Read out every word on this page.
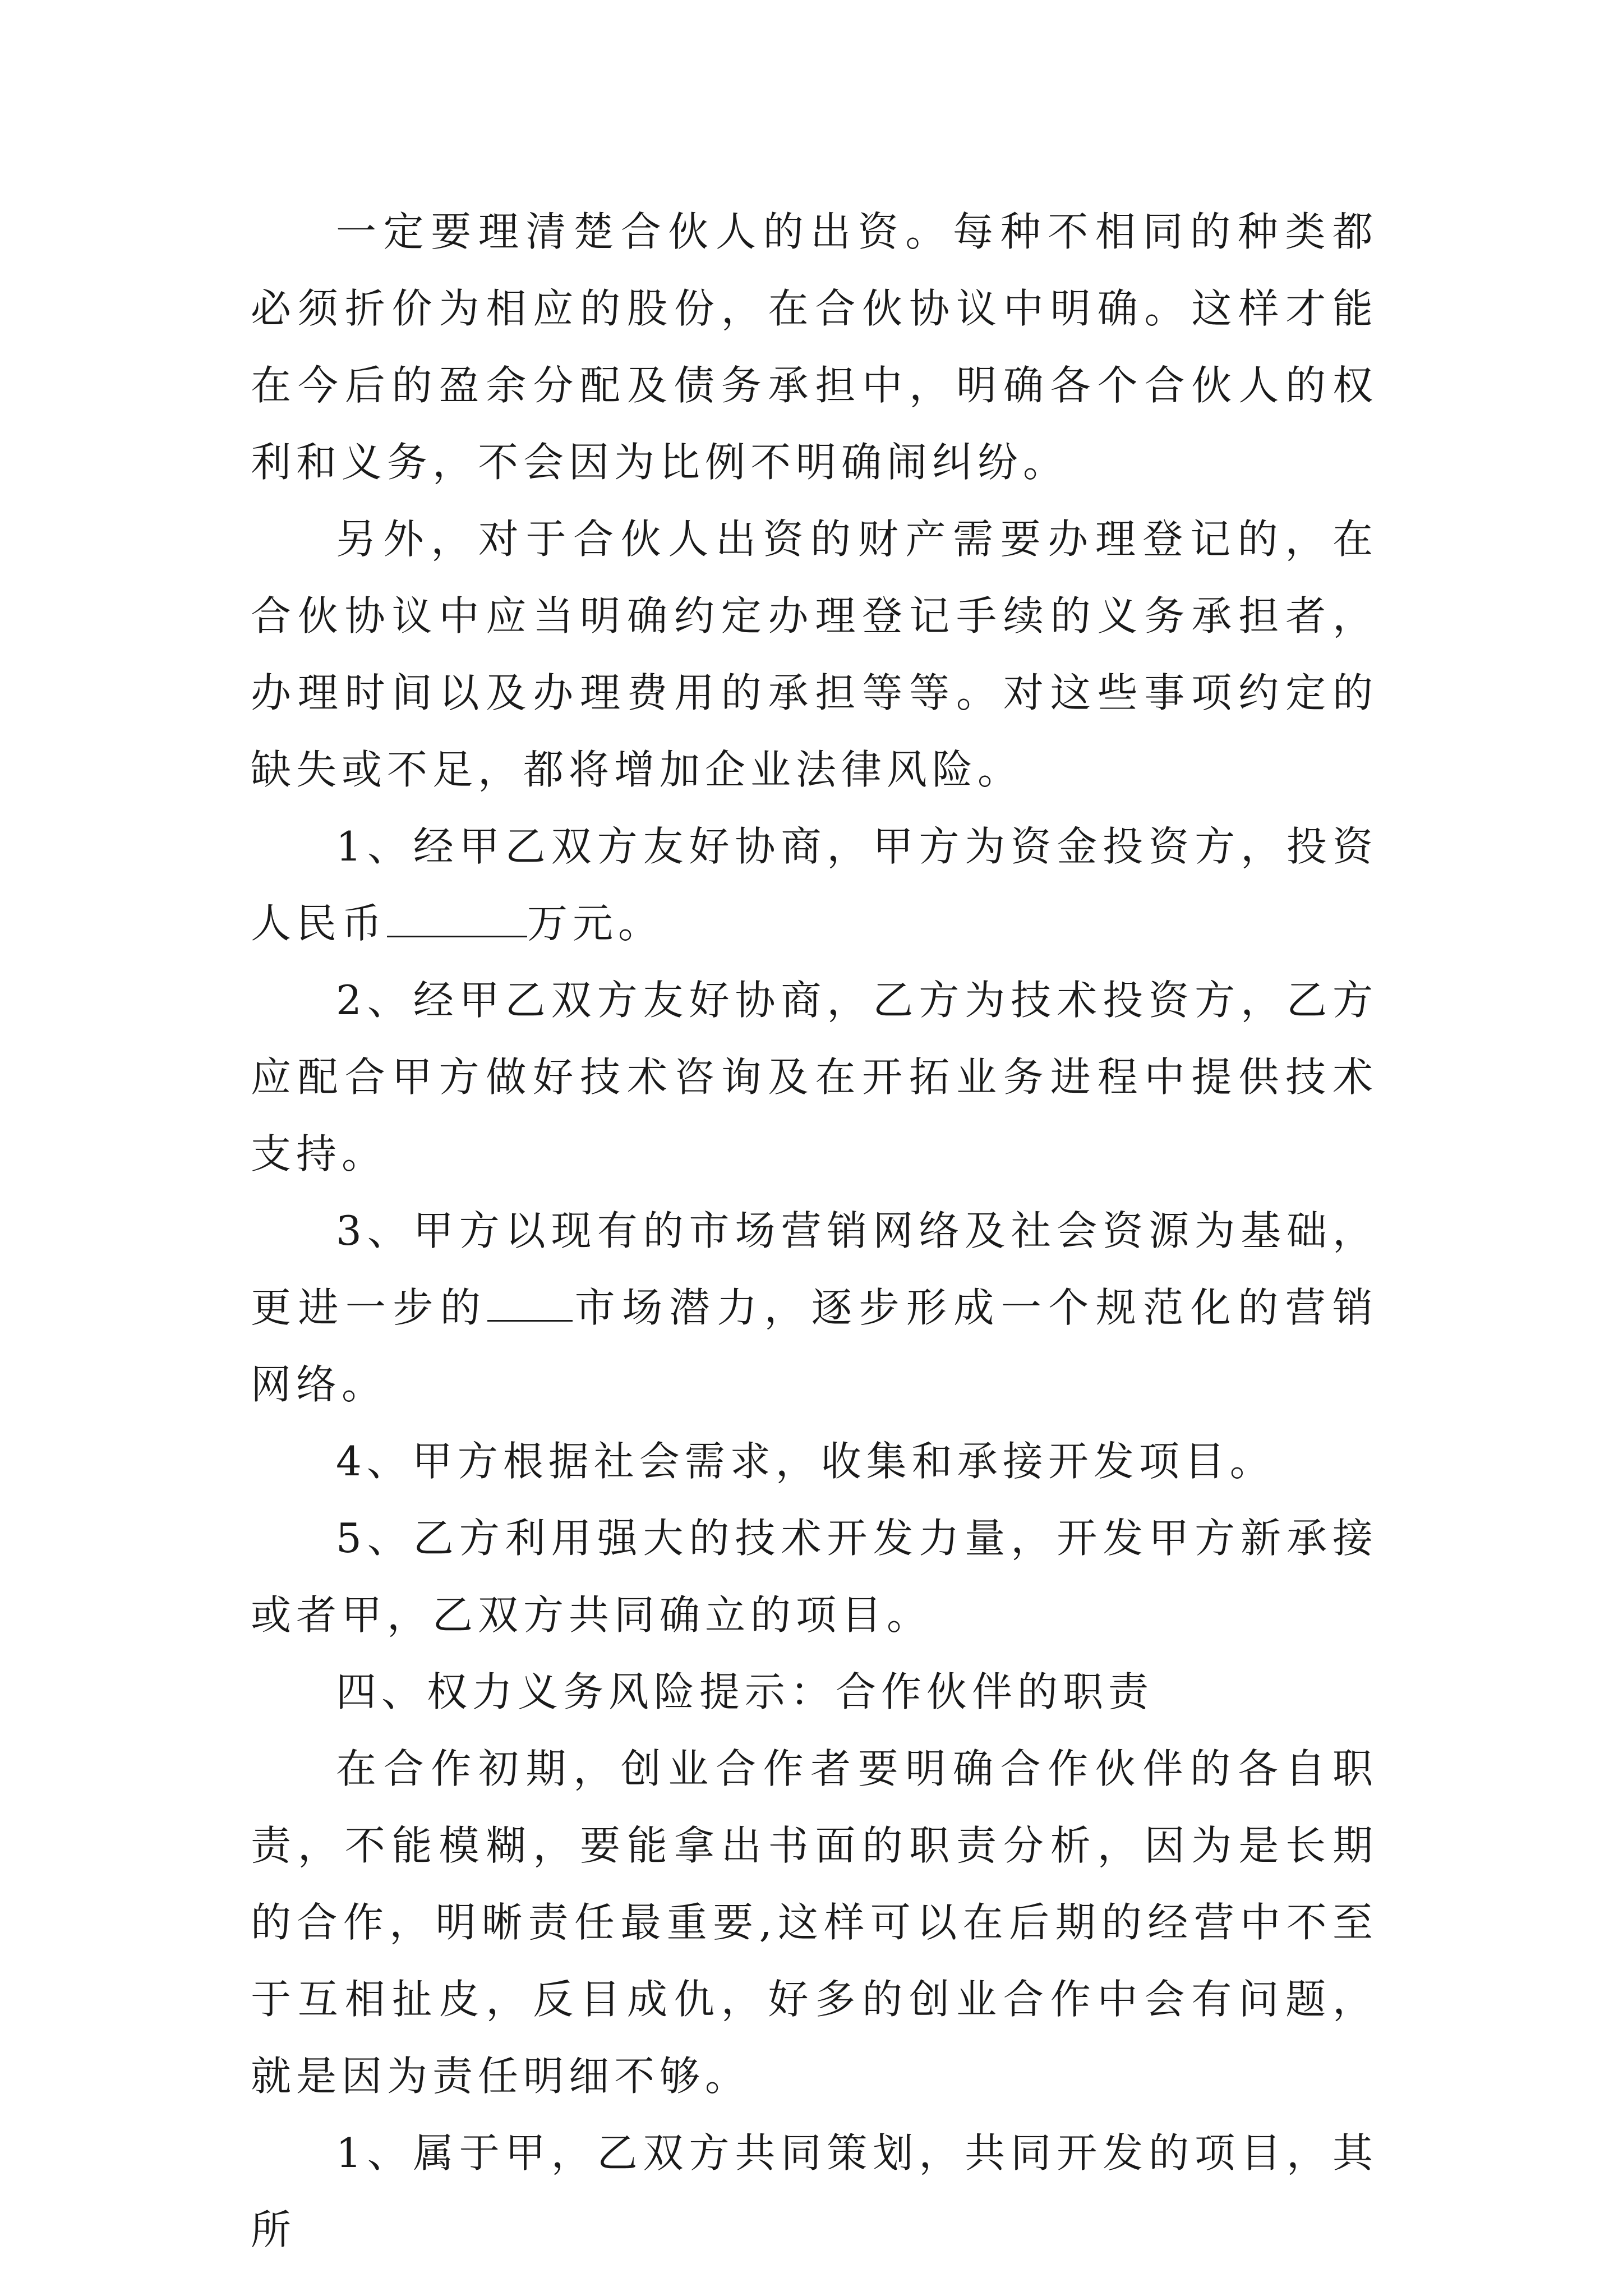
一定要理清楚合伙人的出资。每种不相同的种类都必须折价为相应的股份，在合伙协议中明确。这样才能在今后的盈余分配及债务承担中，明确各个合伙人的权利和义务，不会因为比例不明确闹纠纷。

另外，对于合伙人出资的财产需要办理登记的，在合伙协议中应当明确约定办理登记手续的义务承担者，办理时间以及办理费用的承担等等。对这些事项约定的缺失或不足，都将增加企业法律风险。

1、经甲乙双方友好协商，甲方为资金投资方，投资人民币	万元。

2、经甲乙双方友好协商，乙方为技术投资方，乙方应配合甲方做好技术咨询及在开拓业务进程中提供技术支持。

3、甲方以现有的市场营销网络及社会资源为基础，更进一步的 市场潜力，逐步形成一个规范化的营销网络。

4、甲方根据社会需求，收集和承接开发项目。

5、乙方利用强大的技术开发力量，开发甲方新承接或者甲，乙双方共同确立的项目。

四、权力义务风险提示：合作伙伴的职责

在合作初期，创业合作者要明确合作伙伴的各自职责，不能模糊，要能拿出书面的职责分析，因为是长期的合作，明晰责任最重要,这样可以在后期的经营中不至于互相扯皮，反目成仇，好多的创业合作中会有问题，就是因为责任明细不够。

1、属于甲，乙双方共同策划，共同开发的项目，其所
